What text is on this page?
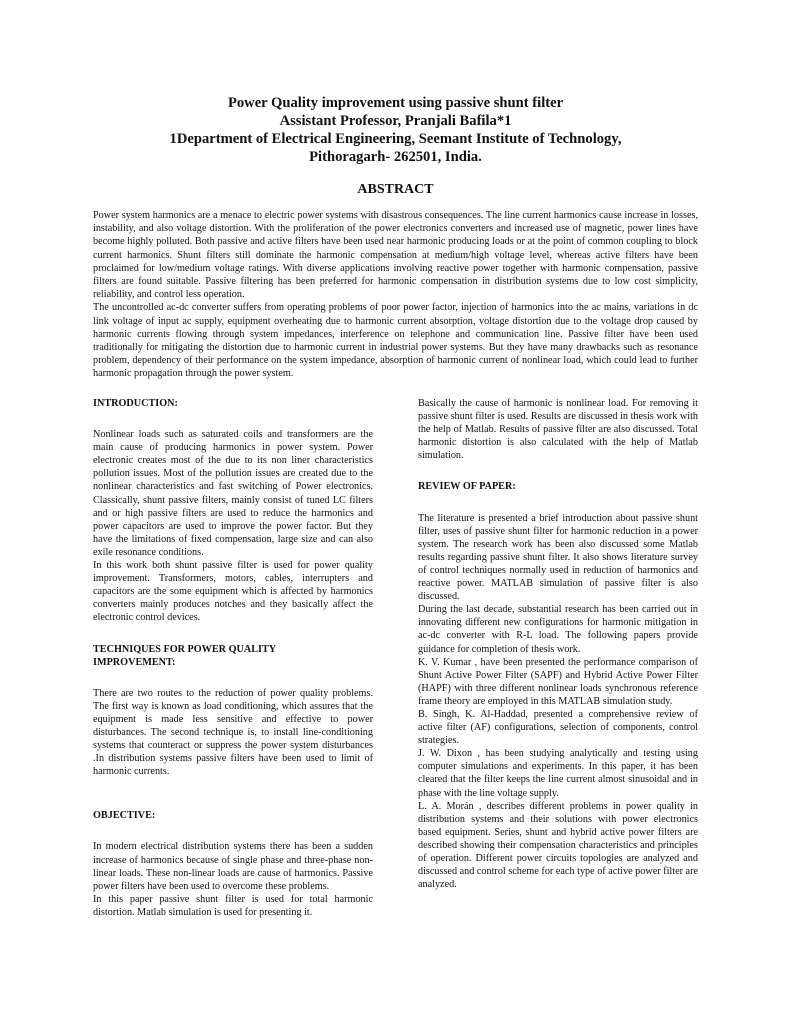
Power Quality improvement using passive shunt filter
Assistant Professor, Pranjali Bafila*1
1Department of Electrical Engineering, Seemant Institute of Technology,
Pithoragarh- 262501, India.
ABSTRACT

Power system harmonics are a menace to electric power systems with disastrous consequences. The line current harmonics cause increase in losses, instability, and also voltage distortion. With the proliferation of the power electronics converters and increased use of magnetic, power lines have become highly polluted. Both passive and active filters have been used near harmonic producing loads or at the point of common coupling to block current harmonics. Shunt filters still dominate the harmonic compensation at medium/high voltage level, whereas active filters have been proclaimed for low/medium voltage ratings. With diverse applications involving reactive power together with harmonic compensation, passive filters are found suitable. Passive filtering has been preferred for harmonic compensation in distribution systems due to low cost simplicity, reliability, and control less operation.

The uncontrolled ac-dc converter suffers from operating problems of poor power factor, injection of harmonics into the ac mains, variations in dc link voltage of input ac supply, equipment overheating due to harmonic current absorption, voltage distortion due to the voltage drop caused by harmonic currents flowing through system impedances, interference on telephone and communication line. Passive filter have been used traditionally for mitigating the distortion due to harmonic current in industrial power systems. But they have many drawbacks such as resonance problem, dependency of their performance on the system impedance, absorption of harmonic current of nonlinear load, which could lead to further harmonic propagation through the power system.

INTRODUCTION:

Nonlinear loads such as saturated coils and transformers are the main cause of producing harmonics in power system. Power electronic creates most of the due to its non liner characteristics pollution issues. Most of the pollution issues are created due to the nonlinear characteristics and fast switching of Power electronics. Classically, shunt passive filters, mainly consist of tuned LC filters and or high passive filters are used to reduce the harmonics and power capacitors are used to improve the power factor. But they have the limitations of fixed compensation, large size and can also exile resonance conditions.

In this work both shunt passive filter is used for power quality improvement. Transformers, motors, cables, interrupters and capacitors are the some equipment which is affected by harmonics converters mainly produces notches and they basically affect the electronic control devices.

TECHNIQUES FOR POWER QUALITY

IMPROVEMENT:

There are two routes to the reduction of power quality problems. The first way is known as load conditioning, which assures that the equipment is made less sensitive and effective to power disturbances. The second technique is, to install line-conditioning systems that counteract or suppress the power system disturbances .In distribution systems passive filters have been used to limit of harmonic currents.

OBJECTIVE:

In modern electrical distribution systems there has been a sudden increase of harmonics because of single phase and three-phase non-linear loads. These non-linear loads are cause of harmonics. Passive power filters have been used to overcome these problems.

In this paper passive shunt filter is used for total harmonic distortion. Matlab simulation is used for presenting it.

Basically the cause of harmonic is nonlinear load. For removing it passive shunt filter is used. Results are discussed in thesis work with the help of Matlab. Results of passive filter are also discussed. Total harmonic distortion is also calculated with the help of Matlab simulation.

REVIEW OF PAPER:

The literature is presented a brief introduction about passive shunt filter, uses of passive shunt filter for harmonic reduction in a power system. The research work has been also discussed some Matlab results regarding passive shunt filter. It also shows literature survey of control techniques normally used in reduction of harmonics and reactive power. MATLAB simulation of passive filter is also discussed.

During the last decade, substantial research has been carried out in innovating different new configurations for harmonic mitigation in ac-dc converter with R-L load. The following papers provide guidance for completion of thesis work.

K. V. Kumar , have been presented the performance comparison of Shunt Active Power Filter (SAPF) and Hybrid Active Power Filter (HAPF) with three different nonlinear loads synchronous reference frame theory are employed in this MATLAB simulation study.

B. Singh, K. Al-Haddad, presented a comprehensive review of active filter (AF) configurations, selection of components, control strategies.

J. W. Dixon , has been studying analytically and testing using computer simulations and experiments. In this paper, it has been cleared that the filter keeps the line current almost sinusoidal and in phase with the line voltage supply.

L. A. Morán , describes different problems in power quality in distribution systems and their solutions with power electronics based equipment. Series, shunt and hybrid active power filters are described showing their compensation characteristics and principles of operation. Different power circuits topologies are analyzed and discussed and control scheme for each type of active power filter are analyzed.
